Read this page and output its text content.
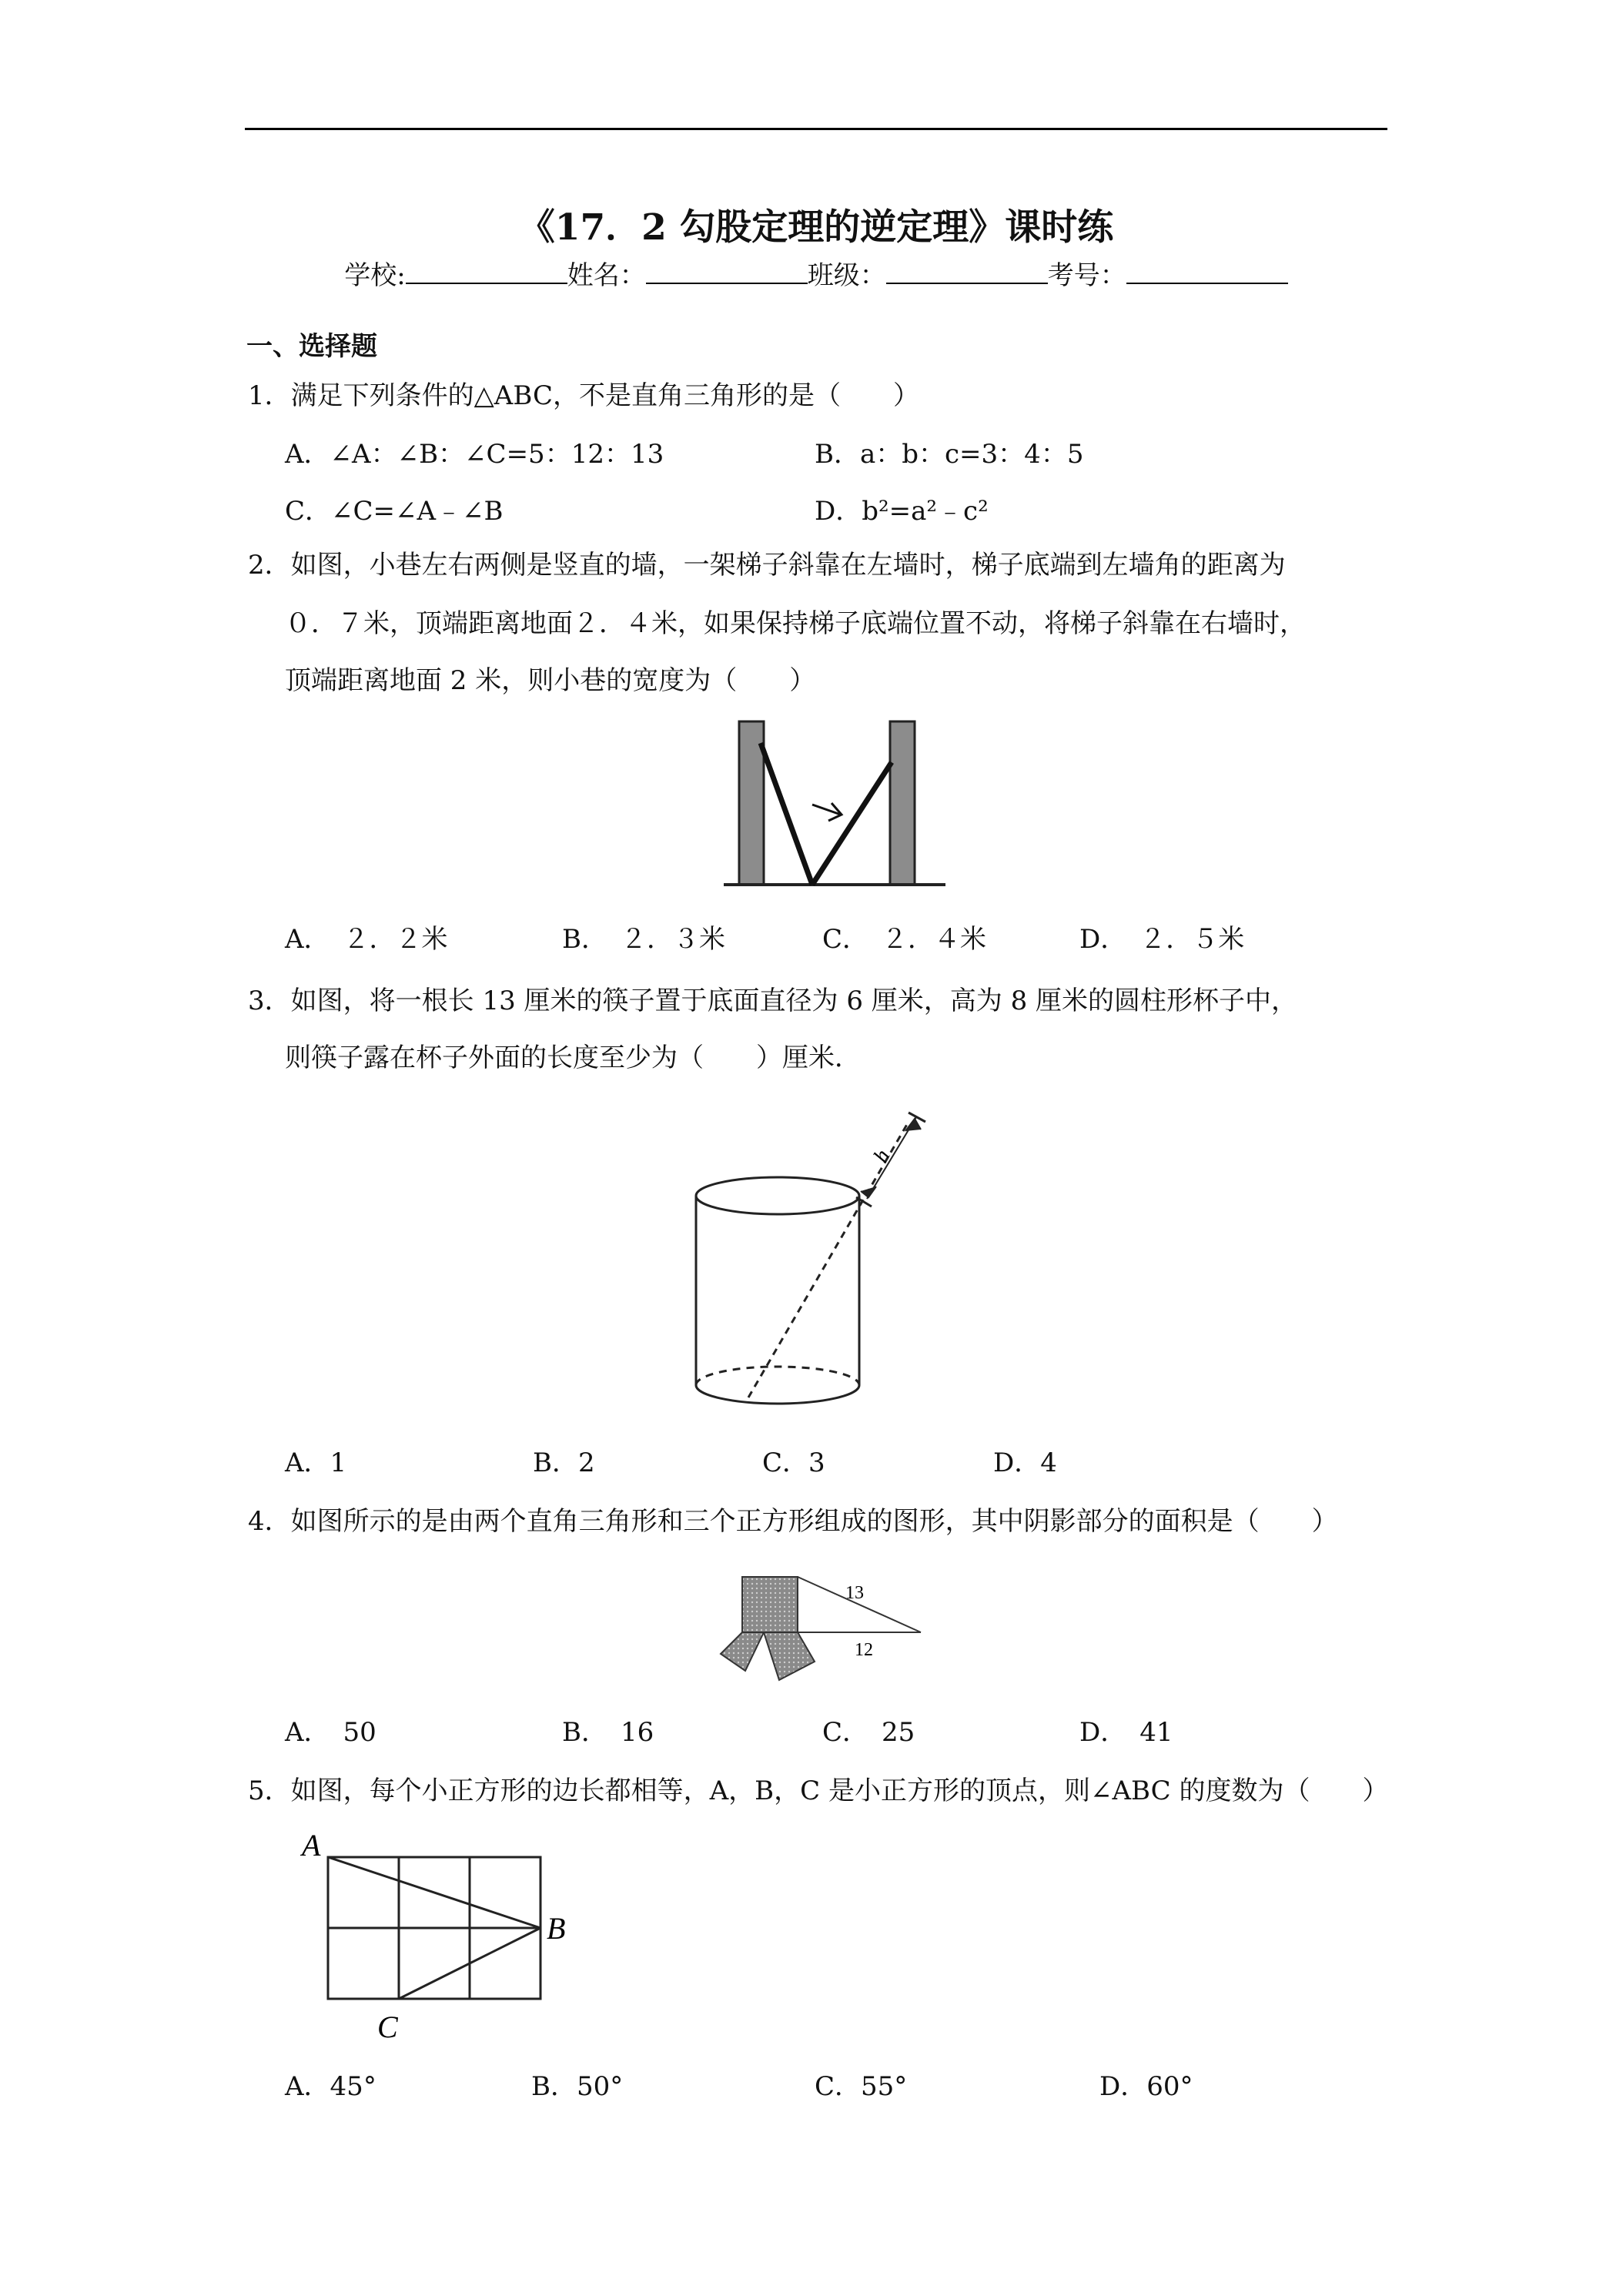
《17．2 勾股定理的逆定理》课时练
学校:	姓名：	班级：	考号：
一、选择题
1．满足下列条件的△ABC，不是直角三角形的是（　　）
A．∠A：∠B：∠C=5：12：13	B．a：b：c=3：4：5
C．∠C=∠A﹣∠B	D．b²=a²﹣c²
2．如图，小巷左右两侧是竖直的墙，一架梯子斜靠在左墙时，梯子底端到左墙角的距离为
０．７米，顶端距离地面２．４米，如果保持梯子底端位置不动，将梯子斜靠在右墙时，
顶端距离地面 2 米，则小巷的宽度为（　　）
A．　２．２米	B．　２．３米	C．　２．４米	D．　２．５米
3．如图，将一根长 13 厘米的筷子置于底面直径为 6 厘米，高为 8 厘米的圆柱形杯子中，
则筷子露在杯子外面的长度至少为（　　）厘米．
h
A．1	B．2	C．3	D．4
4．如图所示的是由两个直角三角形和三个正方形组成的图形，其中阴影部分的面积是（　　）
13
12
A．　50	B．　16	C．　25	D．　41
5．如图，每个小正方形的边长都相等，A，B，C 是小正方形的顶点，则∠ABC 的度数为（　　）
A
B
C
A．45°	B．50°	C．55°	D．60°
